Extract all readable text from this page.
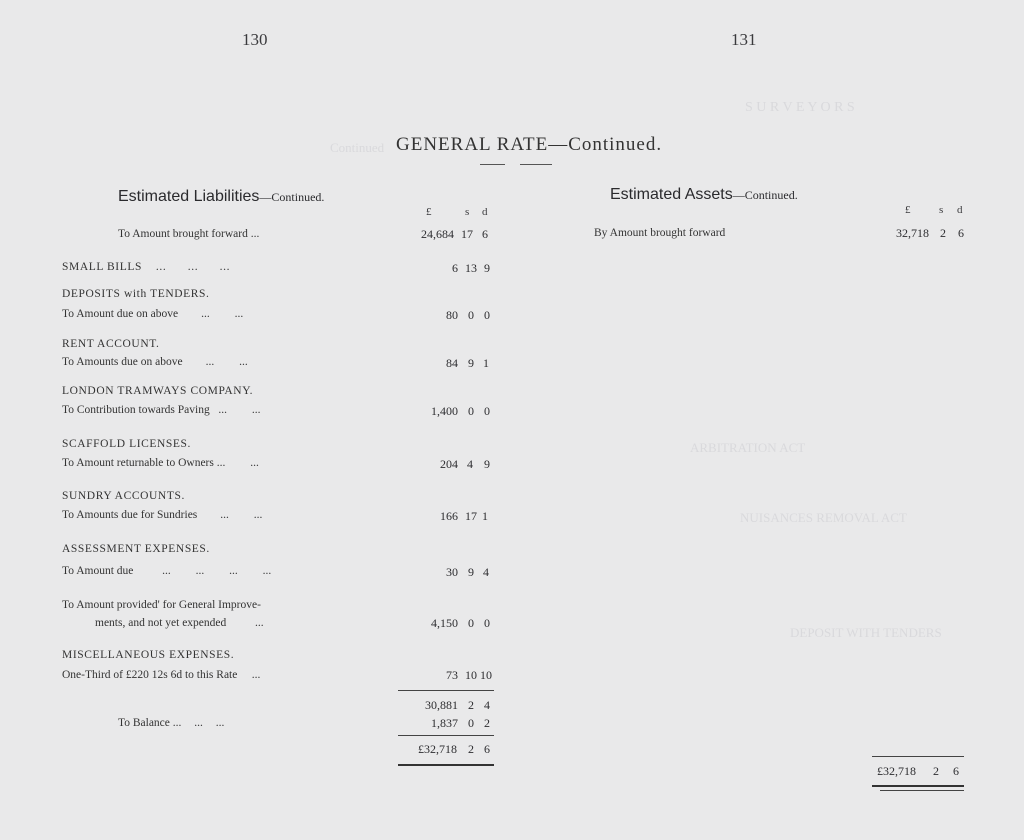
S U R V E Y O R S
Continued
ARBITRATION ACT
NUISANCES REMOVAL ACT
DEPOSIT WITH TENDERS
130	131
GENERAL RATE—Continued.
Estimated Liabilities—Continued.
£	s d
To Amount brought forward ...	24,684 17 6
SMALL BILLS ... ... ...	6 13 9
DEPOSITS with TENDERS.
To Amount due on above ... ...	80 0 0
RENT ACCOUNT.
To Amounts due on above ... ...	84 9 1
LONDON TRAMWAYS COMPANY.
To Contribution towards Paving ... ...	1,400 0 0
SCAFFOLD LICENSES.
To Amount returnable to Owners ... ...	204 4 9
SUNDRY ACCOUNTS.
To Amounts due for Sundries ... ...	166 17 1
ASSESSMENT EXPENSES.
To Amount due	... ... ... ...	30 9 4
To Amount provided' for General Improve-
ments, and not yet expended	...	4,150 0 0
MISCELLANEOUS EXPENSES.
One-Third of £220 12s 6d to this Rate ...	73 10 10
30,881 2 4
To Balance ... ... ...	1,837 0 2
£32,718 2 6
Estimated Assets—Continued.
£	s d
By Amount brought forward	32,718 2 6
£32,718 2 6
